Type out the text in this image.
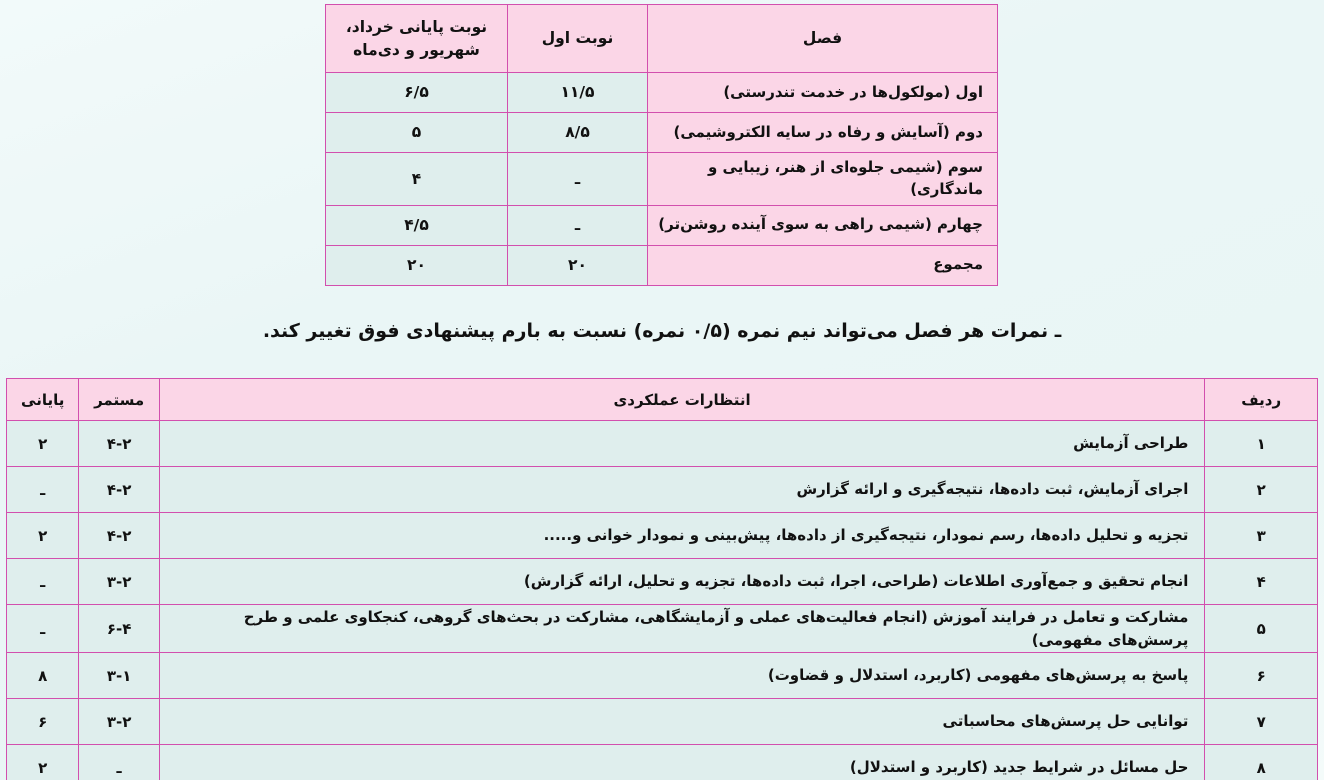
فصل	نوبت اول	نوبت پایانی خرداد، شهریور و دی‌ماه
اول (مولکول‌ها در خدمت تندرستی)	۱۱/۵	۶/۵
دوم (آسایش و رفاه در سایه الکتروشیمی)	۸/۵	۵
سوم (شیمی جلوه‌ای از هنر، زیبایی و ماندگاری)	ـ	۴
چهارم (شیمی راهی به سوی آینده روشن‌تر)	ـ	۴/۵
مجموع	۲۰	۲۰
ـ نمرات هر فصل می‌تواند نیم نمره (۰/۵ نمره) نسبت به بارم پیشنهادی فوق تغییر کند.
ردیف	انتظارات عملکردی	مستمر	پایانی
۱	طراحی آزمایش	۴-۲	۲
۲	اجرای آزمایش، ثبت داده‌ها، نتیجه‌گیری و ارائه گزارش	۴-۲	ـ
۳	تجزیه و تحلیل داده‌ها، رسم نمودار، نتیجه‌گیری از داده‌ها، پیش‌بینی و نمودار خوانی و.....	۴-۲	۲
۴	انجام تحقیق و جمع‌آوری اطلاعات (طراحی، اجرا، ثبت داده‌ها، تجزیه و تحلیل، ارائه گزارش)	۳-۲	ـ
۵	مشارکت و تعامل در فرایند آموزش (انجام فعالیت‌های عملی و آزمایشگاهی، مشارکت در بحث‌های گروهی، کنجکاوی علمی و طرح پرسش‌های مفهومی)	۶-۴	ـ
۶	پاسخ به پرسش‌های مفهومی (کاربرد، استدلال و قضاوت)	۳-۱	۸
۷	توانایی حل پرسش‌های محاسباتی	۳-۲	۶
۸	حل مسائل در شرایط جدید (کاربرد و استدلال)	ـ	۲
